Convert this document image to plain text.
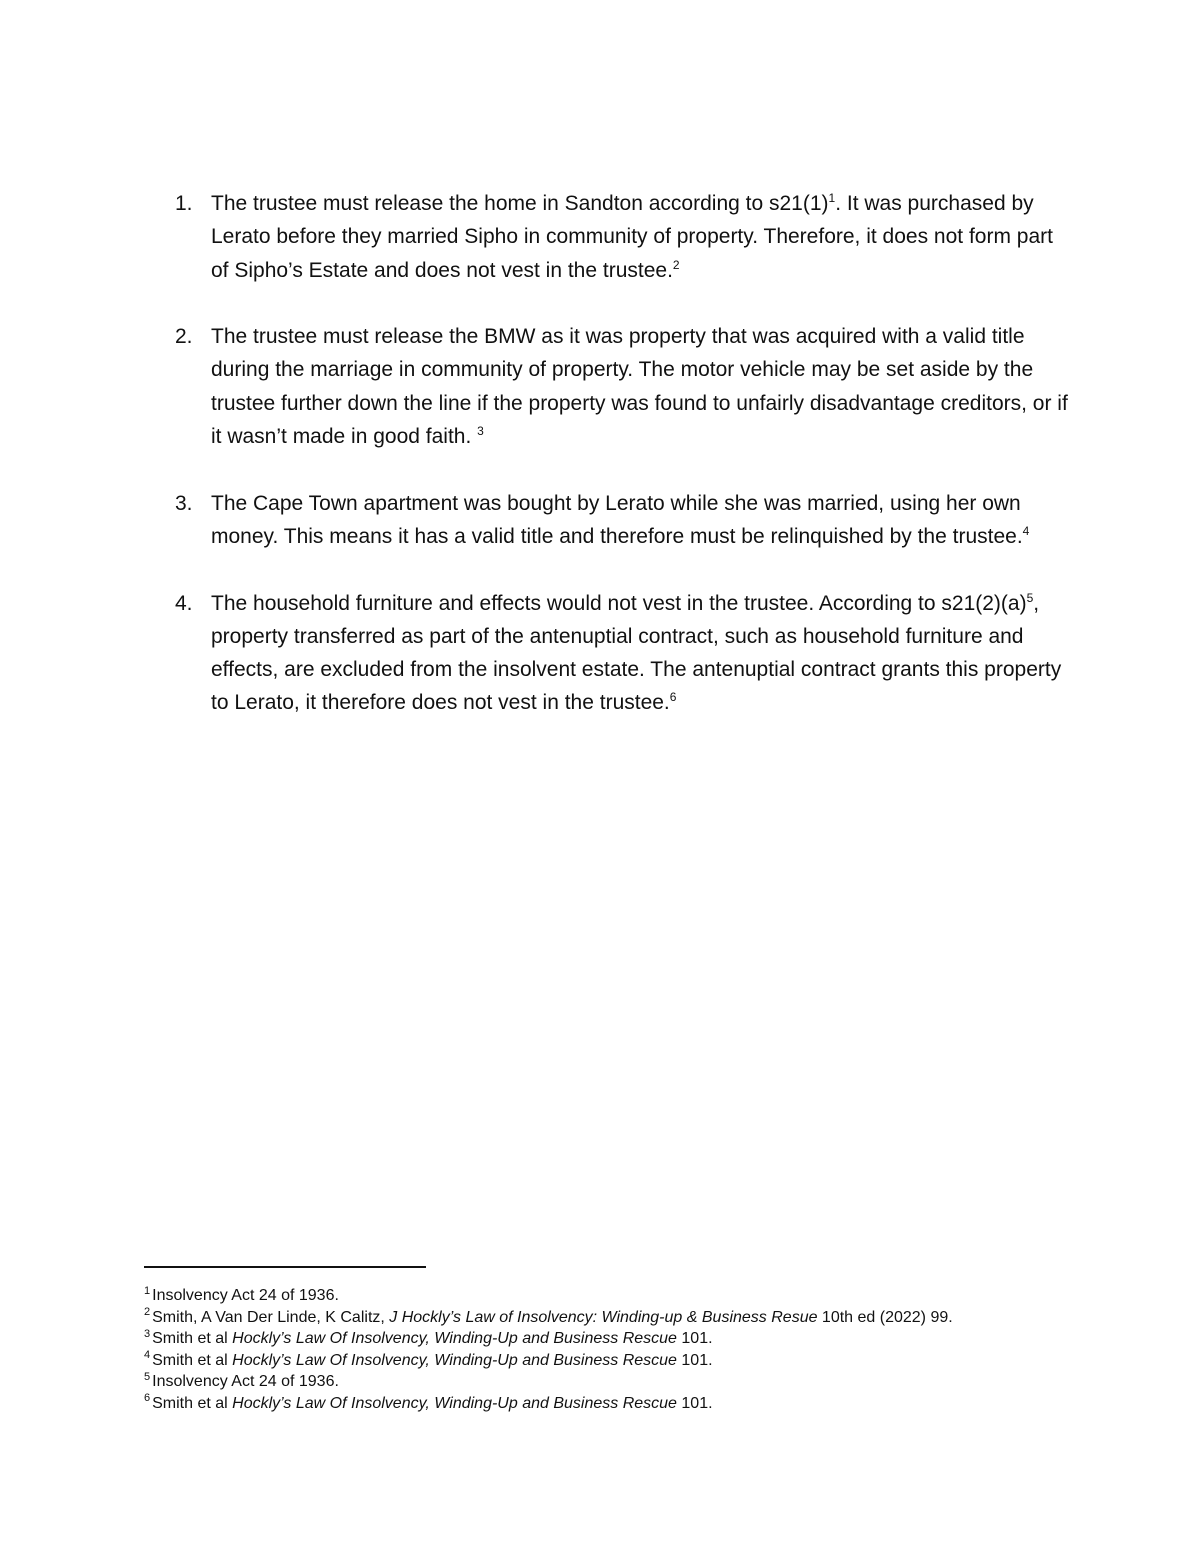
1. The trustee must release the home in Sandton according to $s21(1)^1$. It was purchased by Lerato before they married Sipho in community of property. Therefore, it does not form part of Sipho’s Estate and does not vest in the trustee.$^2$
2. The trustee must release the BMW as it was property that was acquired with a valid title during the marriage in community of property. The motor vehicle may be set aside by the trustee further down the line if the property was found to unfairly disadvantage creditors, or if it wasn’t made in good faith. $^3$
3. The Cape Town apartment was bought by Lerato while she was married, using her own money. This means it has a valid title and therefore must be relinquished by the trustee.$^4$
4. The household furniture and effects would not vest in the trustee. According to $s21(2)(a)^5$, property transferred as part of the antenuptial contract, such as household furniture and effects, are excluded from the insolvent estate. The antenuptial contract grants this property to Lerato, it therefore does not vest in the trustee.$^6$
$^1$ Insolvency Act 24 of 1936.
$^2$ Smith, A Van Der Linde, K Calitz, J Hockly’s Law of Insolvency: Winding-up & Business Resue 10th ed (2022) 99.
$^3$ Smith et al Hockly’s Law Of Insolvency, Winding-Up and Business Rescue 101.
$^4$ Smith et al Hockly’s Law Of Insolvency, Winding-Up and Business Rescue 101.
$^5$ Insolvency Act 24 of 1936.
$^6$ Smith et al Hockly’s Law Of Insolvency, Winding-Up and Business Rescue 101.
